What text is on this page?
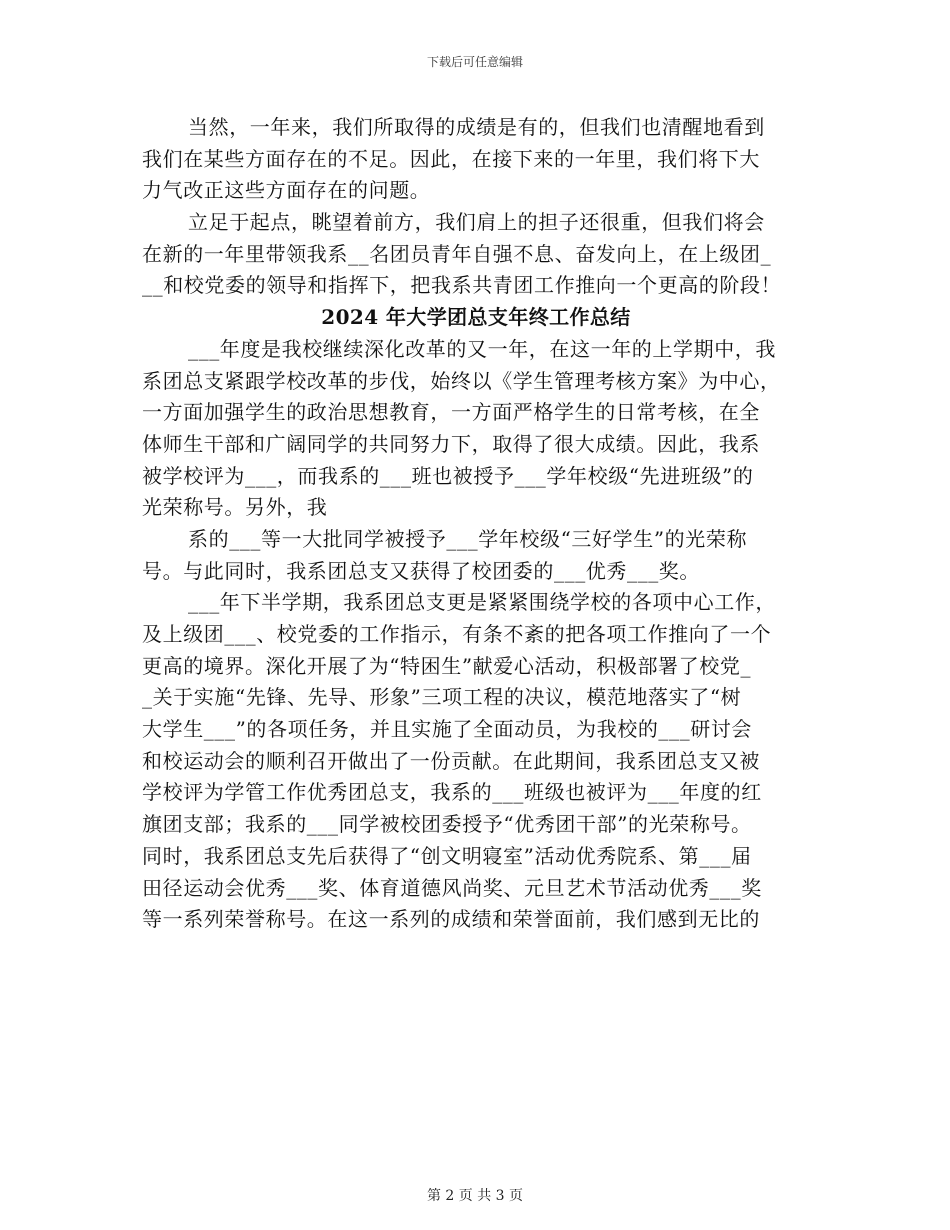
下载后可任意编辑
当然，一年来，我们所取得的成绩是有的，但我们也清醒地看到
我们在某些方面存在的不足。因此，在接下来的一年里，我们将下大
力气改正这些方面存在的问题。
立足于起点，眺望着前方，我们肩上的担子还很重，但我们将会
在新的一年里带领我系__名团员青年自强不息、奋发向上，在上级团_
__和校党委的领导和指挥下，把我系共青团工作推向一个更高的阶段！
2024 年大学团总支年终工作总结
___年度是我校继续深化改革的又一年，在这一年的上学期中，我
系团总支紧跟学校改革的步伐，始终以《学生管理考核方案》为中心，
一方面加强学生的政治思想教育，一方面严格学生的日常考核，在全
体师生干部和广阔同学的共同努力下，取得了很大成绩。因此，我系
被学校评为___，而我系的___班也被授予___学年校级“先进班级”的
光荣称号。另外，我
系的___等一大批同学被授予___学年校级“三好学生”的光荣称
号。与此同时，我系团总支又获得了校团委的___优秀___奖。
___年下半学期，我系团总支更是紧紧围绕学校的各项中心工作，
及上级团___、校党委的工作指示，有条不紊的把各项工作推向了一个
更高的境界。深化开展了为“特困生”献爱心活动，积极部署了校党_
_关于实施“先锋、先导、形象”三项工程的决议，模范地落实了“树
大学生___”的各项任务，并且实施了全面动员，为我校的___研讨会
和校运动会的顺利召开做出了一份贡献。在此期间，我系团总支又被
学校评为学管工作优秀团总支，我系的___班级也被评为___年度的红
旗团支部；我系的___同学被校团委授予“优秀团干部”的光荣称号。
同时，我系团总支先后获得了“创文明寝室”活动优秀院系、第___届
田径运动会优秀___奖、体育道德风尚奖、元旦艺术节活动优秀___奖
等一系列荣誉称号。在这一系列的成绩和荣誉面前，我们感到无比的
第 2 页 共 3 页
